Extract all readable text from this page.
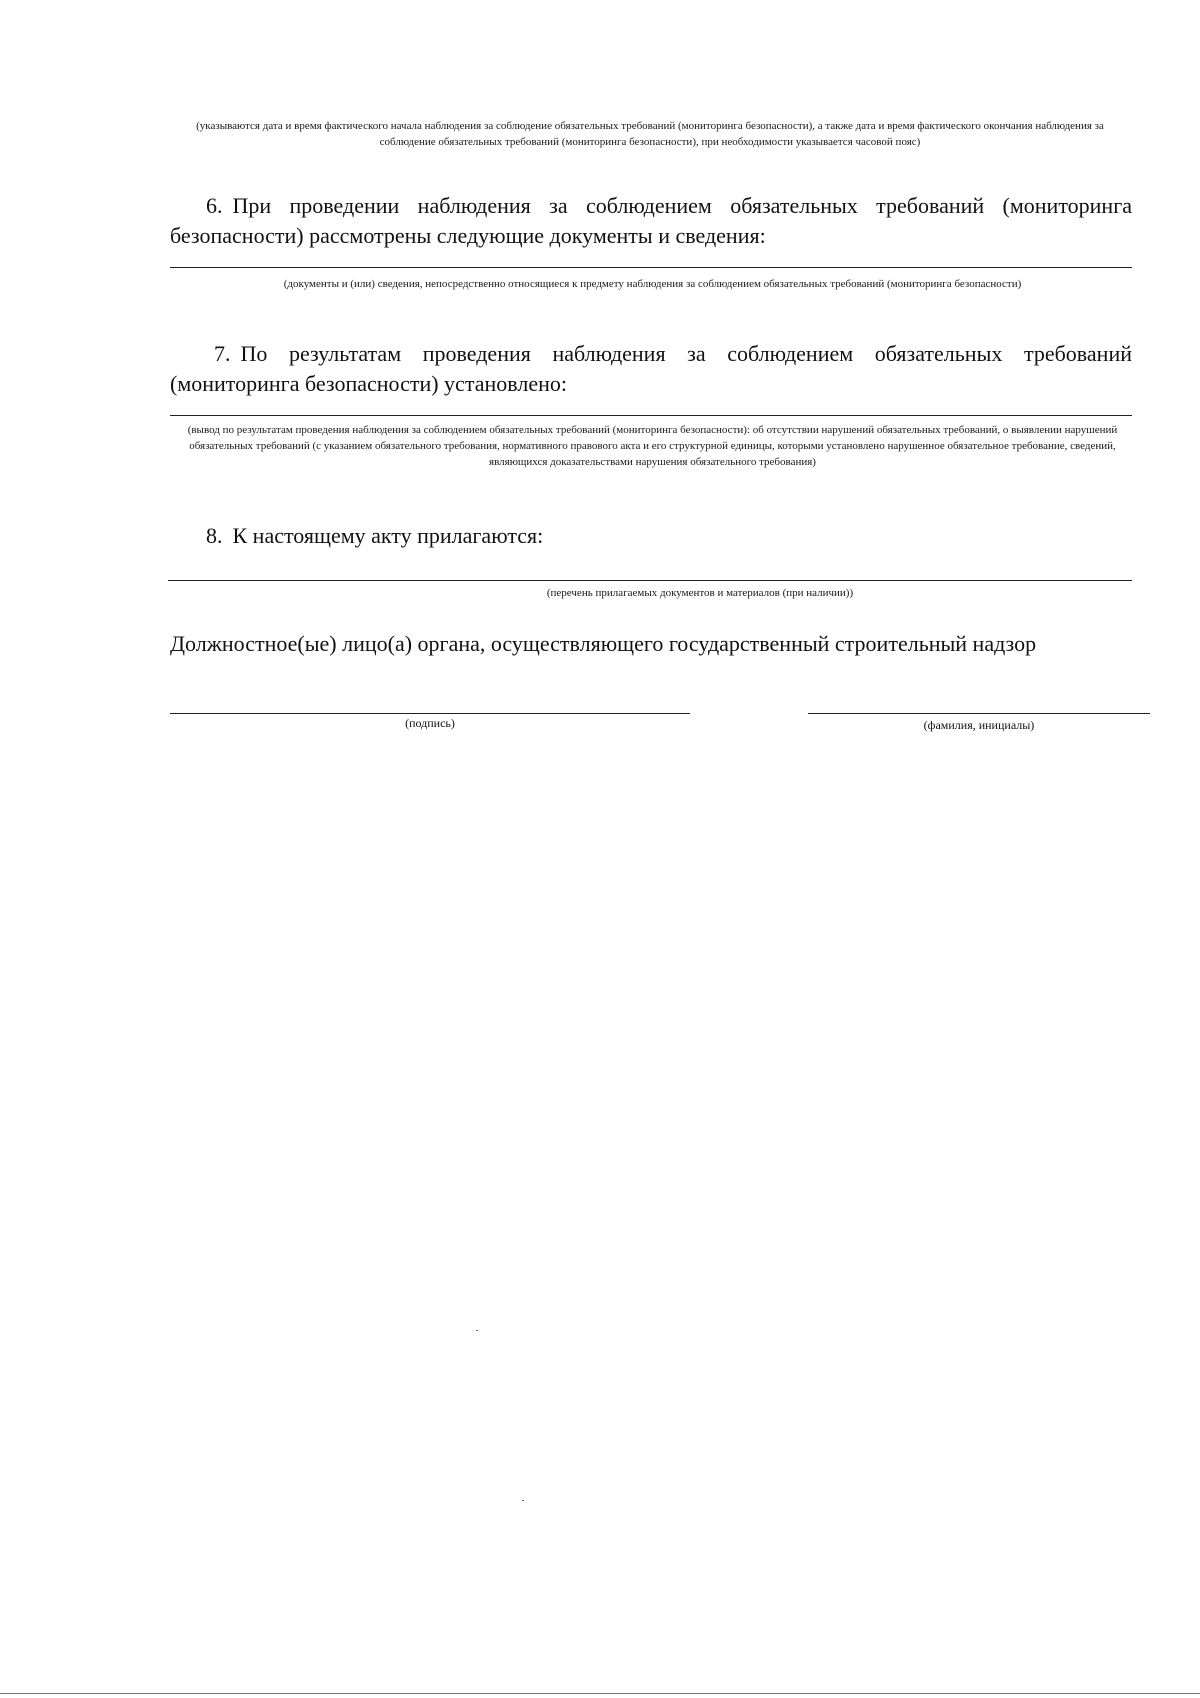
(указываются дата и время фактического начала наблюдения за соблюдение обязательных требований (мониторинга безопасности), а также дата и время фактического окончания наблюдения за соблюдение обязательных требований (мониторинга безопасности), при необходимости указывается часовой пояс)
6. При проведении наблюдения за соблюдением обязательных требований (мониторинга безопасности) рассмотрены следующие документы и сведения:
(документы и (или) сведения, непосредственно относящиеся к предмету наблюдения за соблюдением обязательных требований (мониторинга безопасности)
7. По результатам проведения наблюдения за соблюдением обязательных требований (мониторинга безопасности) установлено:
(вывод по результатам проведения наблюдения за соблюдением обязательных требований (мониторинга безопасности): об отсутствии нарушений обязательных требований, о выявлении нарушений обязательных требований (с указанием обязательного требования, нормативного правового акта и его структурной единицы, которыми установлено нарушенное обязательное требование, сведений, являющихся доказательствами нарушения обязательного требования)
8. К настоящему акту прилагаются:
(перечень прилагаемых документов и материалов (при наличии))
Должностное(ые) лицо(а) органа, осуществляющего государственный строительный надзор
(подпись)	(фамилия, инициалы)
